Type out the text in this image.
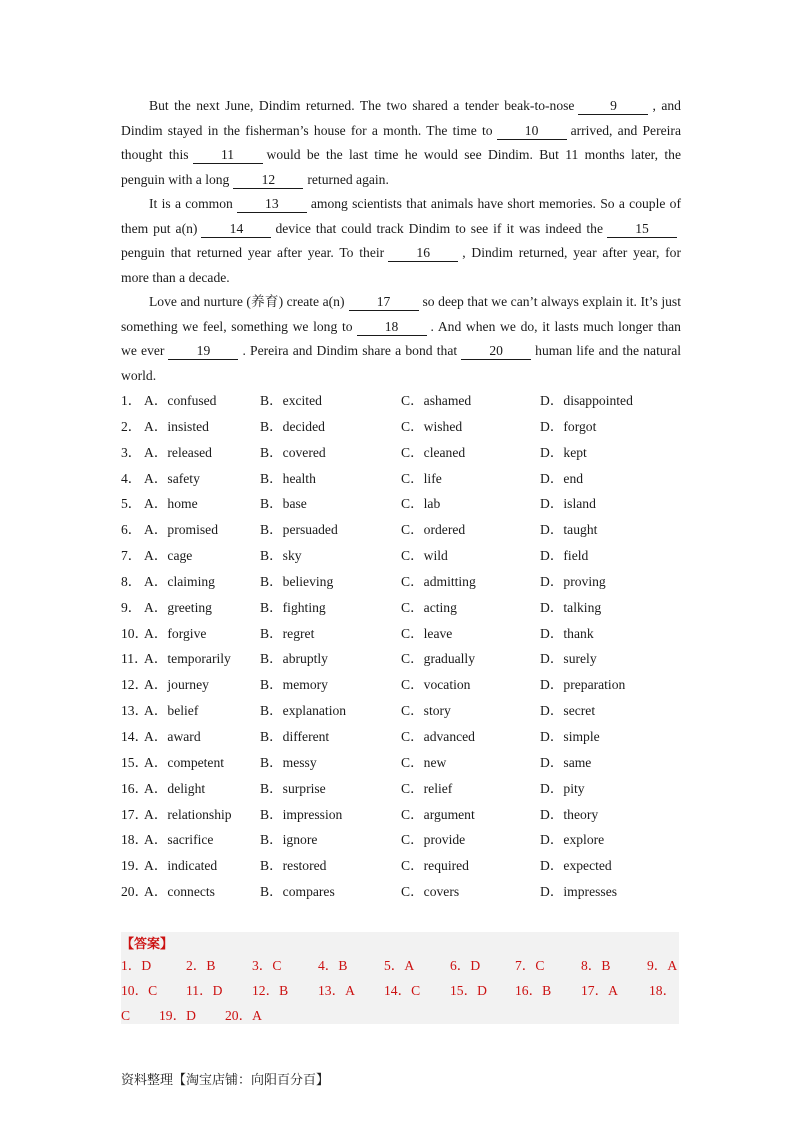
But the next June, Dindim returned. The two shared a tender beak-to-nose	9	, and Dindim stayed in the fisherman’s house for a month. The time to 10 arrived, and Pereira thought this 11 would be the last time he would see Dindim. But 11 months later, the penguin with a long 12 returned again.

It is a common 13 among scientists that animals have short memories. So a couple of them put a(n) 14 device that could track Dindim to see if it was indeed the 15penguin that returned year after year. To their 16 , Dindim returned, year after year, for more than a decade.

Love and nurture (养育) create a(n) 17 so deep that we can’t always explain it. It’s just something we feel, something we long to 18 . And when we do, it lasts much longer than we ever 19 . Pereira and Dindim share a bond that 20 human life and the natural world.

1． A．confused	B．excited	C．ashamed	D．disappointed
2． A．insisted	B．decided	C．wished	D．forgot
3． A．released	B．covered	C．cleaned	D．kept
4． A．safety	B．health	C．life	D．end
5． A．home	B．base	C．lab	D．island
6． A．promised	B．persuaded	C．ordered	D．taught
7． A．cage	B．sky	C．wild	D．field
8． A．claiming	B．believing	C．admitting	D．proving
9． A．greeting	B．fighting	C．acting	D．talking
10．
A．forgive	B．regret	C．leave	D．thank
11．
A．temporarily B．abruptly	C．gradually	D．surely
12．
A．journey	B．memory	C．vocation	D．preparation
13．
A．belief	B．explanation	C．story	D．secret
14．
A．award	B．different	C．advanced	D．simple
15．
A．competent	B．messy	C．new	D．same
16．
A．delight	B．surprise	C．relief	D．pity
17．
A．relationship B．impression	C．argument	D．theory
18．
A．sacrifice	B．ignore	C．provide	D．explore
19．
A．indicated	B．restored	C．required	D．expected
20．
A．connects	B．compares	C．covers	D．impresses
【答案】
1．D	2．B	3．C	4．B	5．A	6．D	7．C	8．B	9．A
10．C 11．D 12．B 13．A 14．C 15．D 16．B 17．A 18．
C 19．D 20．A
资料整理【淘宝店铺：向阳百分百】
